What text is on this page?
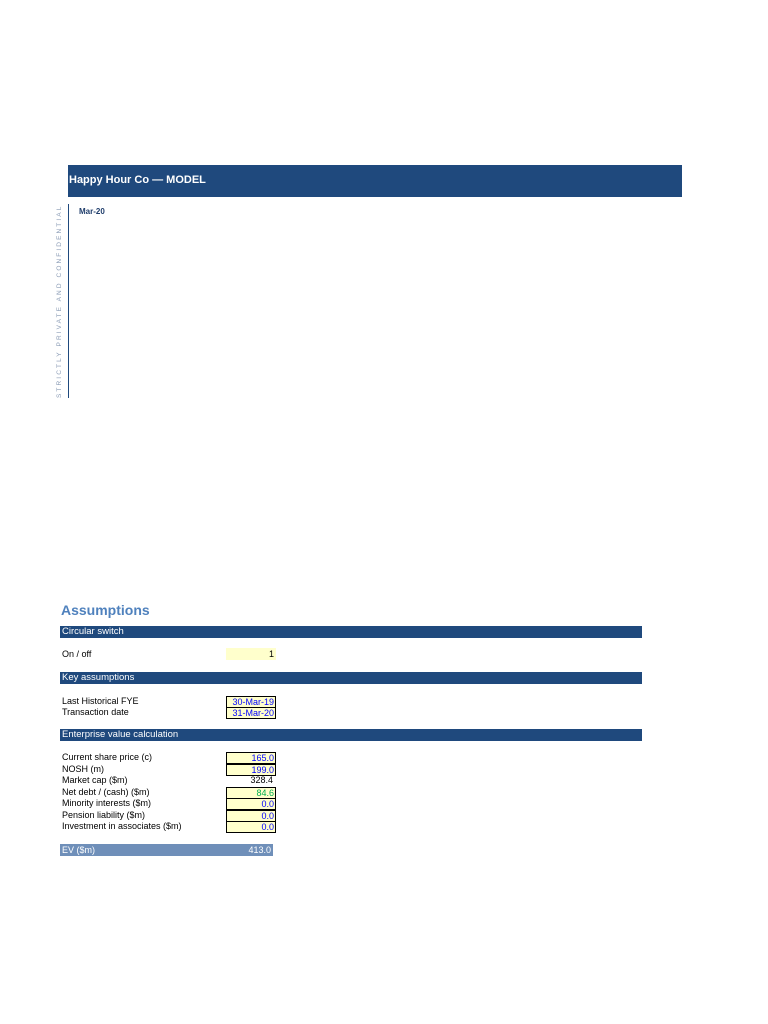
Happy Hour Co — MODEL
STRICTLY PRIVATE AND CONFIDENTIAL Mar-20
Assumptions
Circular switch
On / off	1
Key assumptions
Last Historical FYE	30-Mar-19
Transaction date	31-Mar-20
Enterprise value calculation
Current share price (c)	165.0
NOSH (m)	199.0
Market cap ($m)	328.4
Net debt / (cash) ($m)	84.6
Minority interests ($m)	0.0
Pension liability ($m)	0.0
Investment in associates ($m)	0.0
EV ($m)	413.0
